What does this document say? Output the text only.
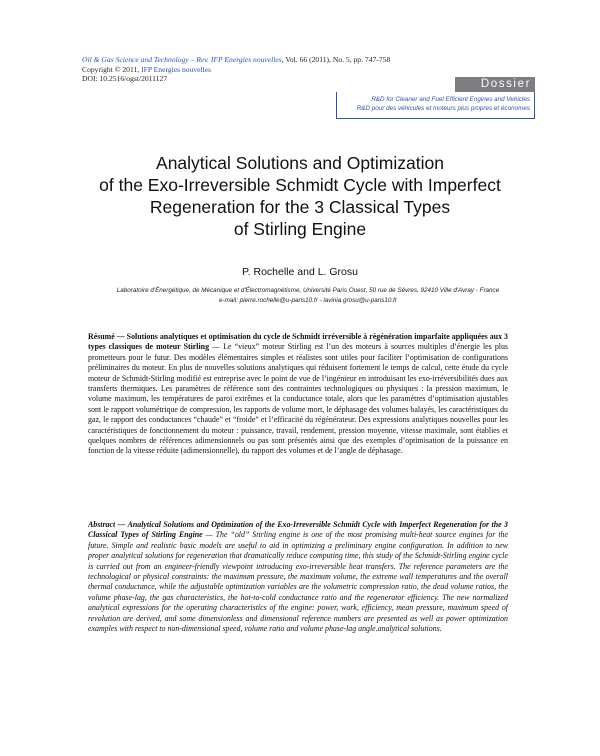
Oil & Gas Science and Technology – Rev. IFP Energies nouvelles, Vol. 66 (2011), No. 5, pp. 747-758
Copyright © 2011, IFP Energies nouvelles
DOI: 10.2516/ogst/2011127	Dossier
R&D for Cleaner and Fuel Efficient Engines and Vehicles
R&D pour des véhicules et moteurs plus propres et économes
Analytical Solutions and Optimization
of the Exo-Irreversible Schmidt Cycle with Imperfect
Regeneration for the 3 Classical Types
of Stirling Engine
P. Rochelle and L. Grosu
Laboratoire d'Énergétique, de Mécanique et d'Électromagnétisme, Université Paris Ouest, 50 rue de Sèvres, 92410 Ville d'Avray - France
e-mail: pierre.rochelle@u-paris10.fr - lavinia.grosu@u-paris10.fr
Résumé — Solutions analytiques et optimisation du cycle de Schmidt irréversible à régénération imparfaite appliquées aux 3 types classiques de moteur Stirling — Le “vieux” moteur Stirling est l’un des moteurs à sources multiples d’énergie les plus prometteurs pour le futur. Des modèles élémentaires simples et réalistes sont utiles pour faciliter l’optimisation de configurations préliminaires du moteur. En plus de nouvelles solutions analytiques qui réduisent fortement le temps de calcul, cette étude du cycle moteur de Schmidt-Stirling modifié est entreprise avec le point de vue de l’ingénieur en introduisant les exo-irréversibilités dues aux transferts thermiques. Les paramètres de référence sont des contraintes technologiques ou physiques : la pression maximum, le volume maximum, les températures de paroi extrêmes et la conductance totale, alors que les paramètres d’optimisation ajustables sont le rapport volumétrique de compression, les rapports de volume mort, le déphasage des volumes balayés, les caractéristiques du gaz, le rapport des conductances “chaude” et “froide” et l’efficacité du régénérateur. Des expressions analytiques nouvelles pour les caractéristiques de fonctionnement du moteur : puissance, travail, rendement, pression moyenne, vitesse maximale, sont établies et quelques nombres de références adimensionnels ou pas sont présentés ainsi que des exemples d’optimisation de la puissance en fonction de la vitesse réduite (adimensionnelle), du rapport des volumes et de l’angle de déphasage.
Abstract — Analytical Solutions and Optimization of the Exo-Irreversible Schmidt Cycle with Imperfect Regeneration for the 3 Classical Types of Stirling Engine — The “old” Stirling engine is one of the most promising multi-heat source engines for the future. Simple and realistic basic models are useful to aid in optimizing a preliminary engine configuration. In addition to new proper analytical solutions for regeneration that dramatically reduce computing time, this study of the Schmidt-Stirling engine cycle is carried out from an engineer-friendly viewpoint introducing exo-irreversible heat transfers. The reference parameters are the technological or physical constraints: the maximum pressure, the maximum volume, the extreme wall temperatures and the overall thermal conductance, while the adjustable optimization variables are the volumetric compression ratio, the dead volume ratios, the volume phase-lag, the gas characteristics, the hot-to-cold conductance ratio and the regenerator efficiency. The new normalized analytical expressions for the operating characteristics of the engine: power, work, efficiency, mean pressure, maximum speed of revolution are derived, and some dimensionless and dimensional reference numbers are presented as well as power optimization examples with respect to non-dimensional speed, volume ratio and volume phase-lag angle.analytical solutions.
